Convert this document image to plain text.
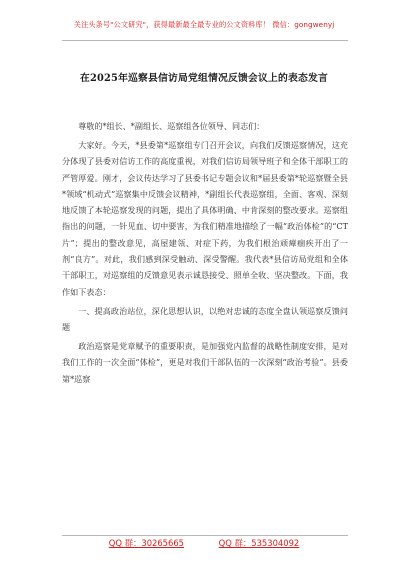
关注头条号"公文研究"，获得最新最全最专业的公文资料库！ 微信：gongwenyj
在2025年巡察县信访局党组情况反馈会议上的表态发言

尊敬的*组长、*副组长、巡察组各位领导、同志们：

大家好。今天，*县委第*巡察组专门召开会议，向我们反馈巡察情况，这充分体现了县委对信访工作的高度重视，对我们信访局领导班子和全体干部职工的严管厚爱。刚才，会议传达学习了县委书记专题会议和*届县委第*轮巡察暨全县*领域“机动式”巡察集中反馈会议精神，*副组长代表巡察组，全面、客观、深刻地反馈了本轮巡察发现的问题，提出了具体明确、中肯深刻的整改要求。巡察组指出的问题，一针见血、切中要害，为我们精准地描绘了一幅“政治体检”的“CT片”；提出的整改意见，高屋建瓴、对症下药，为我们根治顽瘴痼疾开出了一剂“良方”。对此，我们感到深受触动、深受警醒。我代表*县信访局党组和全体干部职工，对巡察组的反馈意见表示诚恳接受、照单全收、坚决整改。下面，我作如下表态：

一、提高政治站位，深化思想认识，以绝对忠诚的态度全盘认领巡察反馈问题

政治巡察是党章赋予的重要职责，是加强党内监督的战略性制度安排，是对我们工作的一次全面“体检”，更是对我们干部队伍的一次深刻“政治考验”。县委第*巡察

QQ 群：30265665	QQ 群：535304092
